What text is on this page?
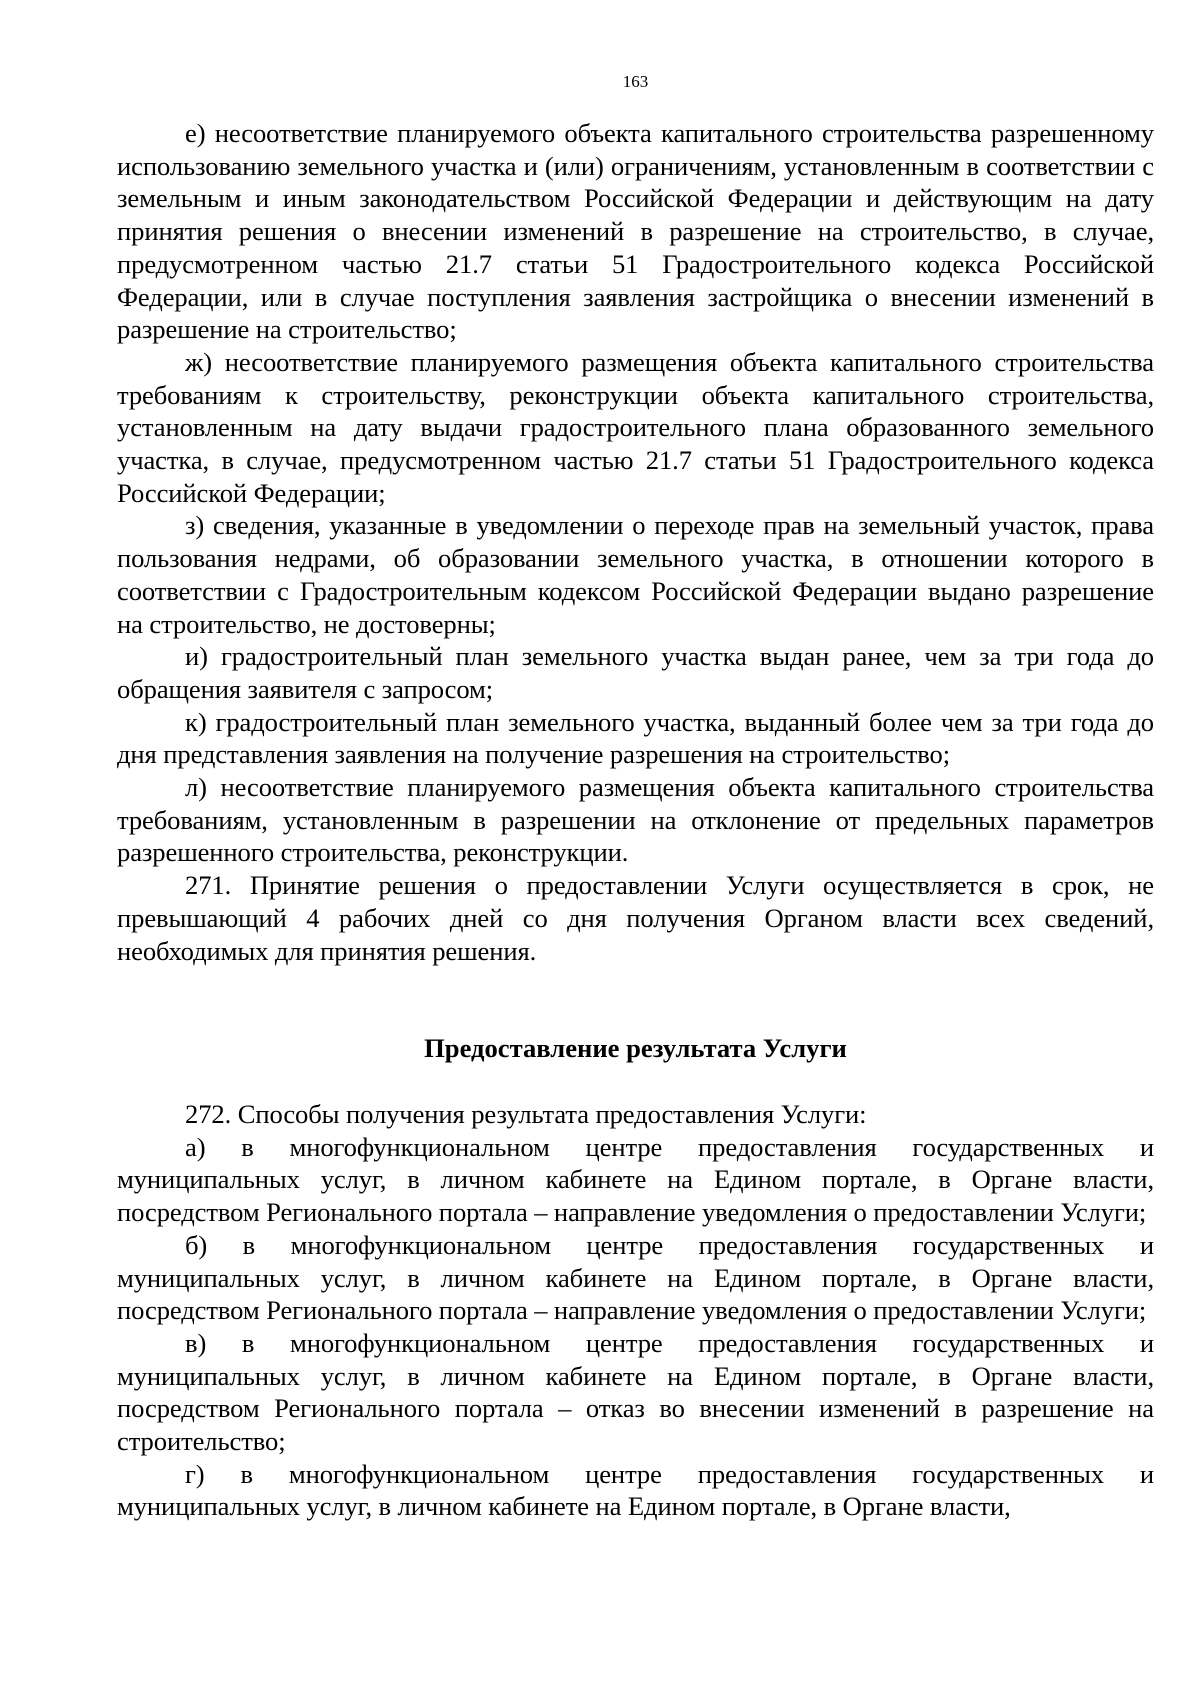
163

е) несоответствие планируемого объекта капитального строительства разрешенному использованию земельного участка и (или) ограничениям, установленным в соответствии с земельным и иным законодательством Российской Федерации и действующим на дату принятия решения о внесении изменений в разрешение на строительство, в случае, предусмотренном частью 21.7 статьи 51 Градостроительного кодекса Российской Федерации, или в случае поступления заявления застройщика о внесении изменений в разрешение на строительство;

ж) несоответствие планируемого размещения объекта капитального строительства требованиям к строительству, реконструкции объекта капитального строительства, установленным на дату выдачи градостроительного плана образованного земельного участка, в случае, предусмотренном частью 21.7 статьи 51 Градостроительного кодекса Российской Федерации;

з) сведения, указанные в уведомлении о переходе прав на земельный участок, права пользования недрами, об образовании земельного участка, в отношении которого в соответствии с Градостроительным кодексом Российской Федерации выдано разрешение на строительство, не достоверны;

и) градостроительный план земельного участка выдан ранее, чем за три года до обращения заявителя с запросом;

к) градостроительный план земельного участка, выданный более чем за три года до дня представления заявления на получение разрешения на строительство;

л) несоответствие планируемого размещения объекта капитального строительства требованиям, установленным в разрешении на отклонение от предельных параметров разрешенного строительства, реконструкции.

271. Принятие решения о предоставлении Услуги осуществляется в срок, не превышающий 4 рабочих дней со дня получения Органом власти всех сведений, необходимых для принятия решения.

Предоставление результата Услуги

272. Способы получения результата предоставления Услуги:

а) в многофункциональном центре предоставления государственных и муниципальных услуг, в личном кабинете на Едином портале, в Органе власти, посредством Регионального портала – направление уведомления о предоставлении Услуги;

б) в многофункциональном центре предоставления государственных и муниципальных услуг, в личном кабинете на Едином портале, в Органе власти, посредством Регионального портала – направление уведомления о предоставлении Услуги;

в) в многофункциональном центре предоставления государственных и муниципальных услуг, в личном кабинете на Едином портале, в Органе власти, посредством Регионального портала – отказ во внесении изменений в разрешение на строительство;

г) в многофункциональном центре предоставления государственных и муниципальных услуг, в личном кабинете на Едином портале, в Органе власти,
